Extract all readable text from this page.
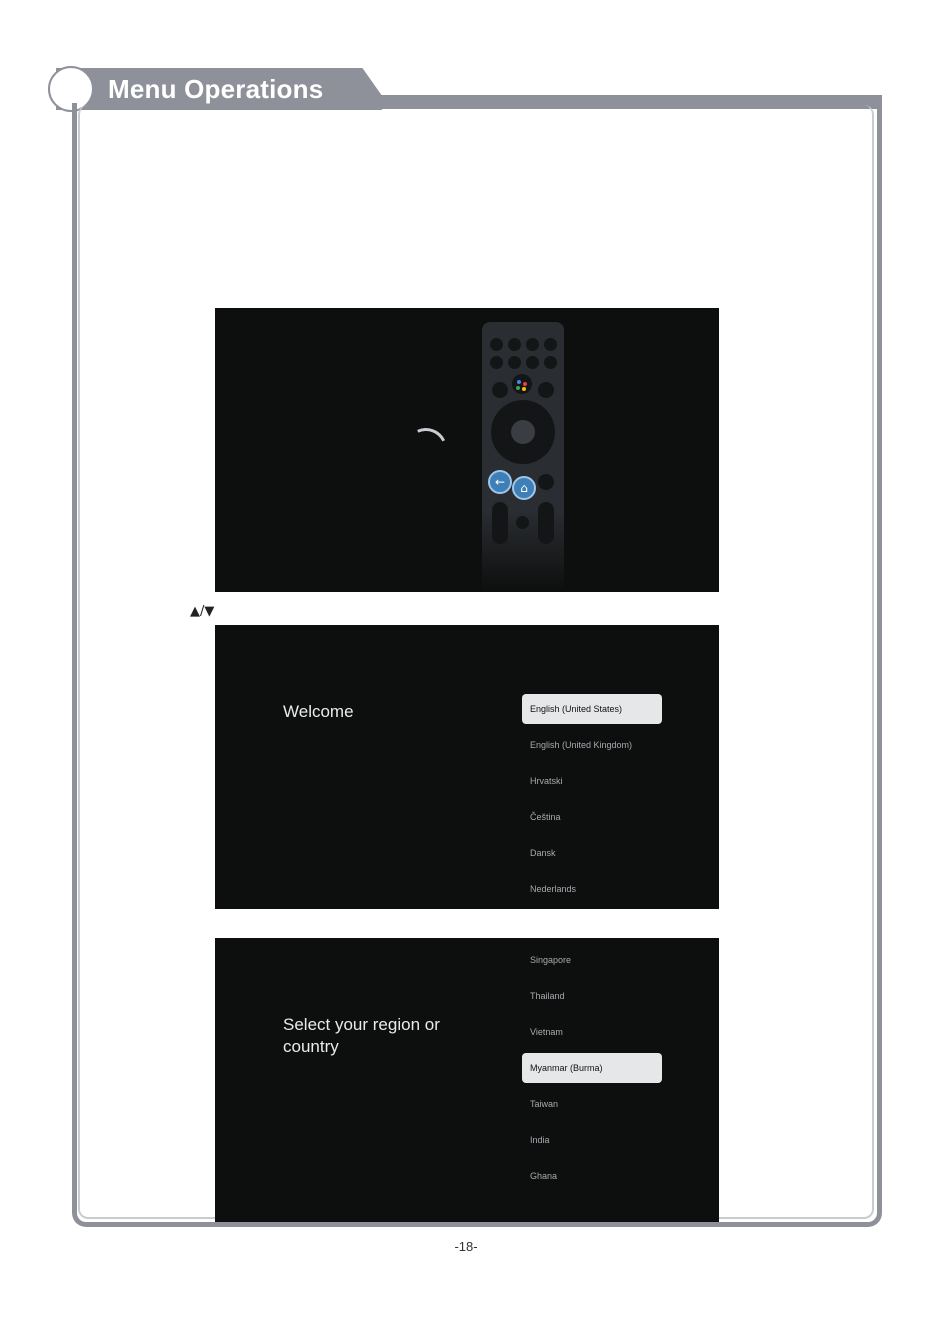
Menu Operations
←	⌂
▲/▼
Welcome	English (United States)
English (United Kingdom)
Hrvatski
Čeština
Dansk
Nederlands
Select your region or
country
Singapore
Thailand
Vietnam
Myanmar (Burma)
Taiwan
India
Ghana
-18-
